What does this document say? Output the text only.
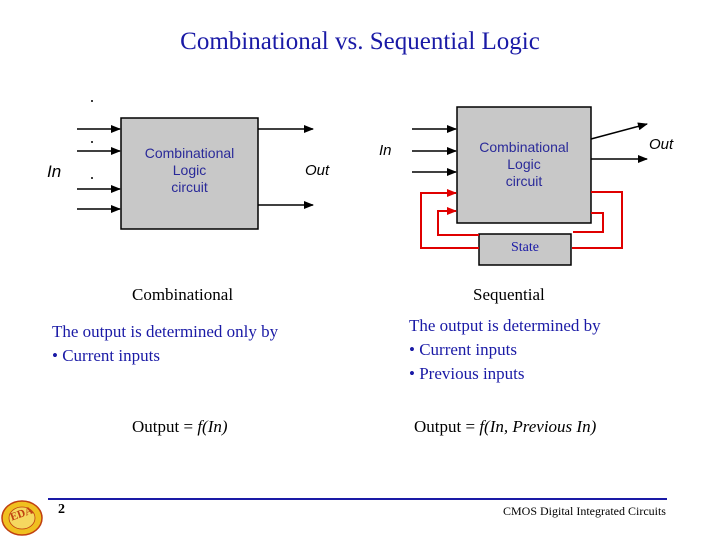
Combinational vs. Sequential Logic
In
Combinational
Logic
circuit
Out
In	Combinational
Logic
circuit
Out
State
Combinational
The output is determined only by
• Current inputs
Output = f(In)
Sequential
The output is determined by
• Current inputs
• Previous inputs
Output = f(In, Previous In)
2	CMOS Digital Integrated Circuits
EDA
